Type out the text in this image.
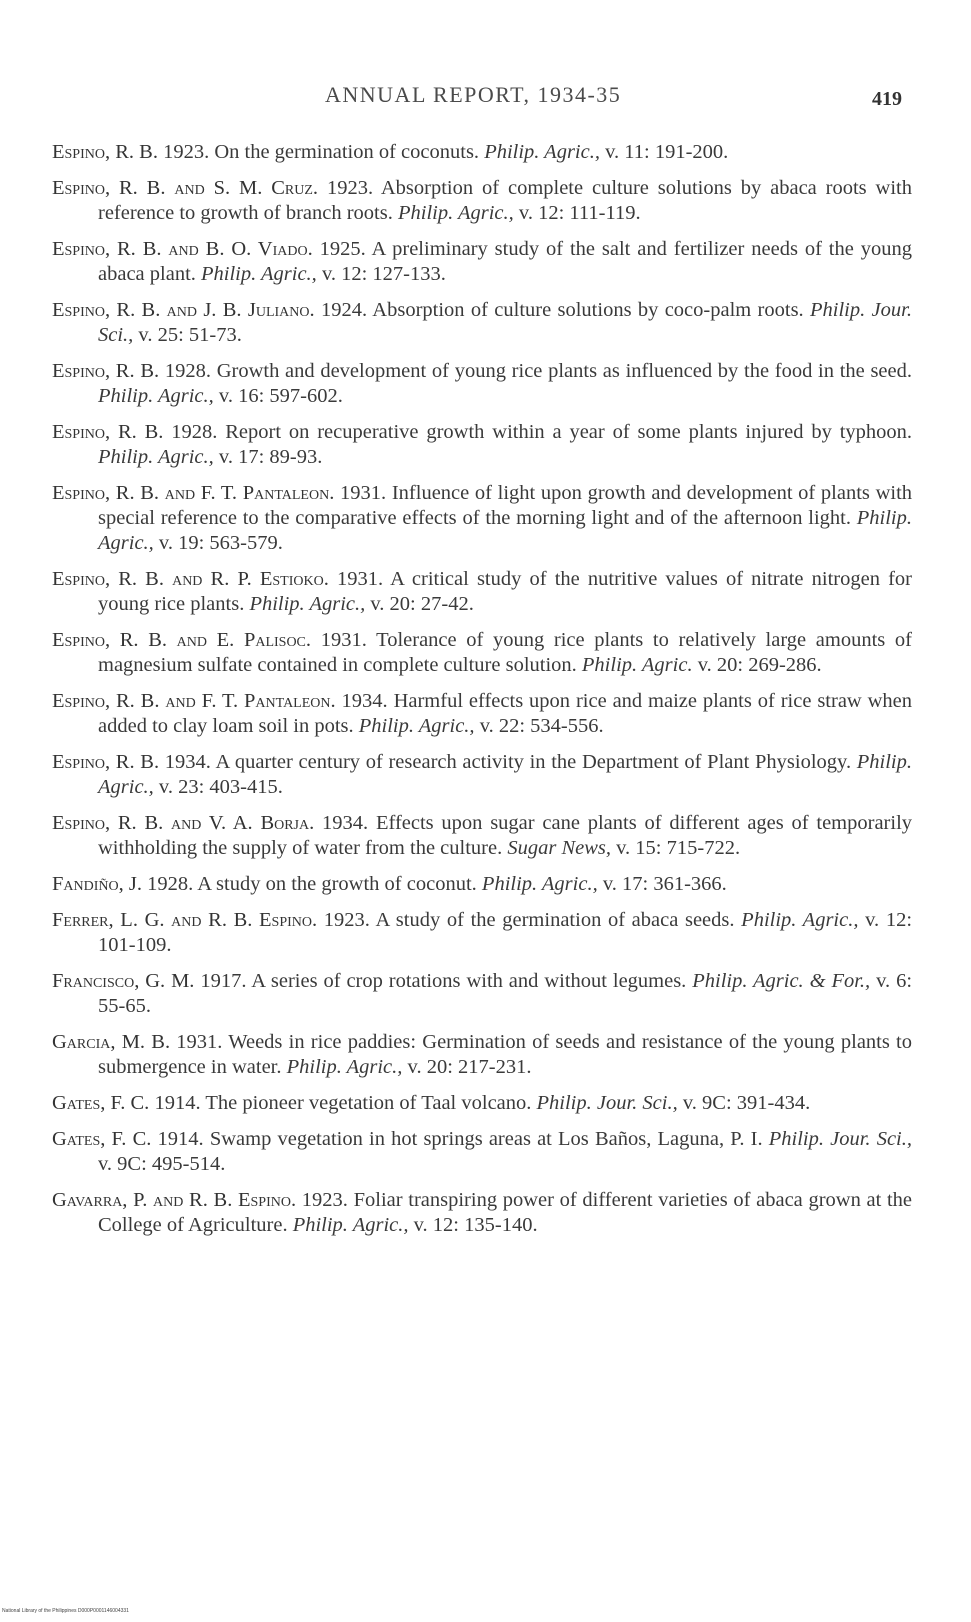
ANNUAL REPORT, 1934-35	419
Espino, R. B. 1923. On the germination of coconuts. Philip. Agric., v. 11: 191-200.
Espino, R. B. and S. M. Cruz. 1923. Absorption of complete culture solutions by abaca roots with reference to growth of branch roots. Philip. Agric., v. 12: 111-119.
Espino, R. B. and B. O. Viado. 1925. A preliminary study of the salt and fertilizer needs of the young abaca plant. Philip. Agric., v. 12: 127-133.
Espino, R. B. and J. B. Juliano. 1924. Absorption of culture solutions by coco-palm roots. Philip. Jour. Sci., v. 25: 51-73.
Espino, R. B. 1928. Growth and development of young rice plants as influenced by the food in the seed. Philip. Agric., v. 16: 597-602.
Espino, R. B. 1928. Report on recuperative growth within a year of some plants injured by typhoon. Philip. Agric., v. 17: 89-93.
Espino, R. B. and F. T. Pantaleon. 1931. Influence of light upon growth and development of plants with special reference to the comparative effects of the morning light and of the afternoon light. Philip. Agric., v. 19: 563-579.
Espino, R. B. and R. P. Estioko. 1931. A critical study of the nutritive values of nitrate nitrogen for young rice plants. Philip. Agric., v. 20: 27-42.
Espino, R. B. and E. Palisoc. 1931. Tolerance of young rice plants to relatively large amounts of magnesium sulfate contained in complete culture solution. Philip. Agric. v. 20: 269-286.
Espino, R. B. and F. T. Pantaleon. 1934. Harmful effects upon rice and maize plants of rice straw when added to clay loam soil in pots. Philip. Agric., v. 22: 534-556.
Espino, R. B. 1934. A quarter century of research activity in the Department of Plant Physiology. Philip. Agric., v. 23: 403-415.
Espino, R. B. and V. A. Borja. 1934. Effects upon sugar cane plants of different ages of temporarily withholding the supply of water from the culture. Sugar News, v. 15: 715-722.
Fandiño, J. 1928. A study on the growth of coconut. Philip. Agric., v. 17: 361-366.
Ferrer, L. G. and R. B. Espino. 1923. A study of the germination of abaca seeds. Philip. Agric., v. 12: 101-109.
Francisco, G. M. 1917. A series of crop rotations with and without legumes. Philip. Agric. & For., v. 6: 55-65.
Garcia, M. B. 1931. Weeds in rice paddies: Germination of seeds and resistance of the young plants to submergence in water. Philip. Agric., v. 20: 217-231.
Gates, F. C. 1914. The pioneer vegetation of Taal volcano. Philip. Jour. Sci., v. 9C: 391-434.
Gates, F. C. 1914. Swamp vegetation in hot springs areas at Los Baños, Laguna, P. I. Philip. Jour. Sci., v. 9C: 495-514.
Gavarra, P. and R. B. Espino. 1923. Foliar transpiring power of different varieties of abaca grown at the College of Agriculture. Philip. Agric., v. 12: 135-140.
National Library of the Philippines D000P0001146004331
